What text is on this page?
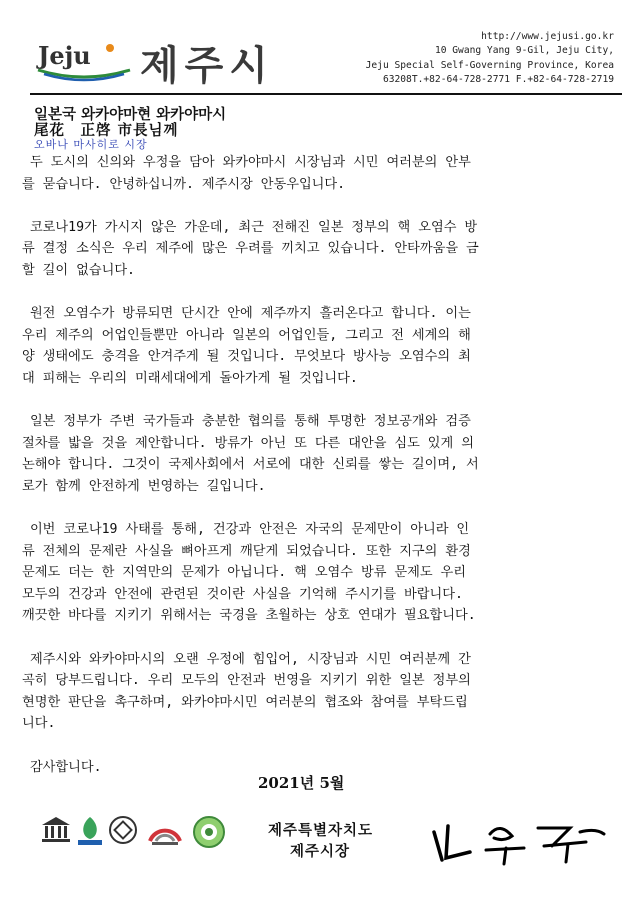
Jeju 제주시
http://www.jejusi.go.kr
10 Gwang Yang 9-Gil, Jeju City,
Jeju Special Self-Governing Province, Korea
63208T.+82-64-728-2771 F.+82-64-728-2719
일본국 와카야마현 와카야마시
尾花　正啓 市長님께
오바나 마사히로 시장
두 도시의 신의와 우정을 담아 와카야마시 시장님과 시민 여러분의 안부
를 묻습니다. 안녕하십니까. 제주시장 안동우입니다.
코로나19가 가시지 않은 가운데, 최근 전해진 일본 정부의 핵 오염수 방
류 결정 소식은 우리 제주에 많은 우려를 끼치고 있습니다. 안타까움을 금
할 길이 없습니다.
원전 오염수가 방류되면 단시간 안에 제주까지 흘러온다고 합니다. 이는
우리 제주의 어업인들뿐만 아니라 일본의 어업인들, 그리고 전 세계의 해
양 생태에도 충격을 안겨주게 될 것입니다. 무엇보다 방사능 오염수의 최
대 피해는 우리의 미래세대에게 돌아가게 될 것입니다.
일본 정부가 주변 국가들과 충분한 협의를 통해 투명한 정보공개와 검증
절차를 밟을 것을 제안합니다. 방류가 아닌 또 다른 대안을 심도 있게 의
논해야 합니다. 그것이 국제사회에서 서로에 대한 신뢰를 쌓는 길이며, 서
로가 함께 안전하게 번영하는 길입니다.
이번 코로나19 사태를 통해, 건강과 안전은 자국의 문제만이 아니라 인
류 전체의 문제란 사실을 뼈아프게 깨닫게 되었습니다. 또한 지구의 환경
문제도 더는 한 지역만의 문제가 아닙니다. 핵 오염수 방류 문제도 우리
모두의 건강과 안전에 관련된 것이란 사실을 기억해 주시기를 바랍니다.
깨끗한 바다를 지키기 위해서는 국경을 초월하는 상호 연대가 필요합니다.
제주시와 와카야마시의 오랜 우정에 힘입어, 시장님과 시민 여러분께 간
곡히 당부드립니다. 우리 모두의 안전과 번영을 지키기 위한 일본 정부의
현명한 판단을 촉구하며, 와카야마시민 여러분의 협조와 참여를 부탁드립
니다.
감사합니다.
2021년 5월
제주특별자치도
제주시장
